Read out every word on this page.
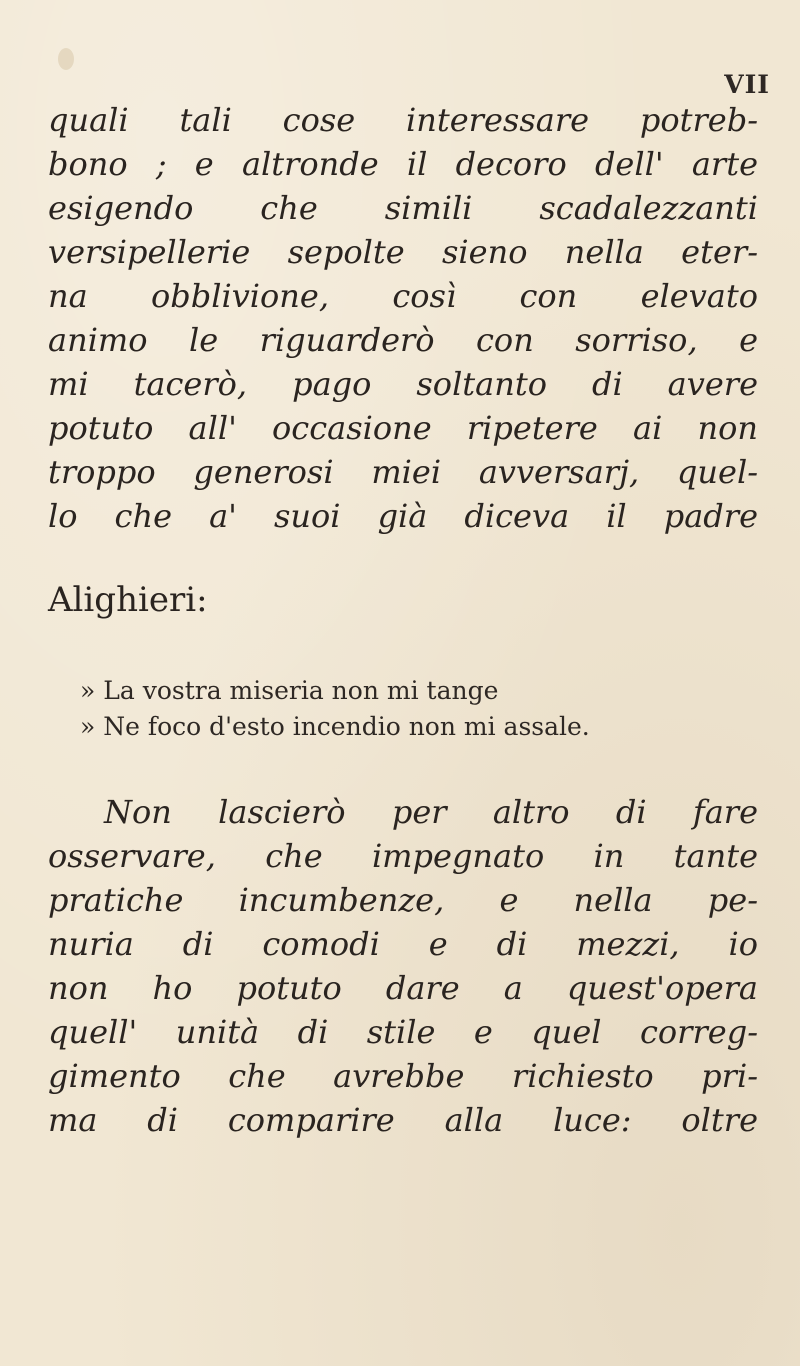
VII
quali tali cose interessare potreb-
bono ; e altronde il decoro dell' arte
esigendo che simili scadalezzanti
versipellerie sepolte sieno nella eter-
na obblivione, così con elevato
animo le riguarderò con sorriso, e
mi tacerò, pago soltanto di avere
potuto all' occasione ripetere ai non
troppo generosi miei avversarj, quel-
lo che a' suoi già diceva il padre
Alighieri:
» La vostra miseria non mi tange
» Ne foco d'esto incendio non mi assale.
Non lascierò per altro di fare
osservare, che impegnato in tante
pratiche incumbenze, e nella pe-
nuria di comodi e di mezzi, io
non ho potuto dare a quest'opera
quell' unità di stile e quel correg-
gimento che avrebbe richiesto pri-
ma di comparire alla luce: oltre
